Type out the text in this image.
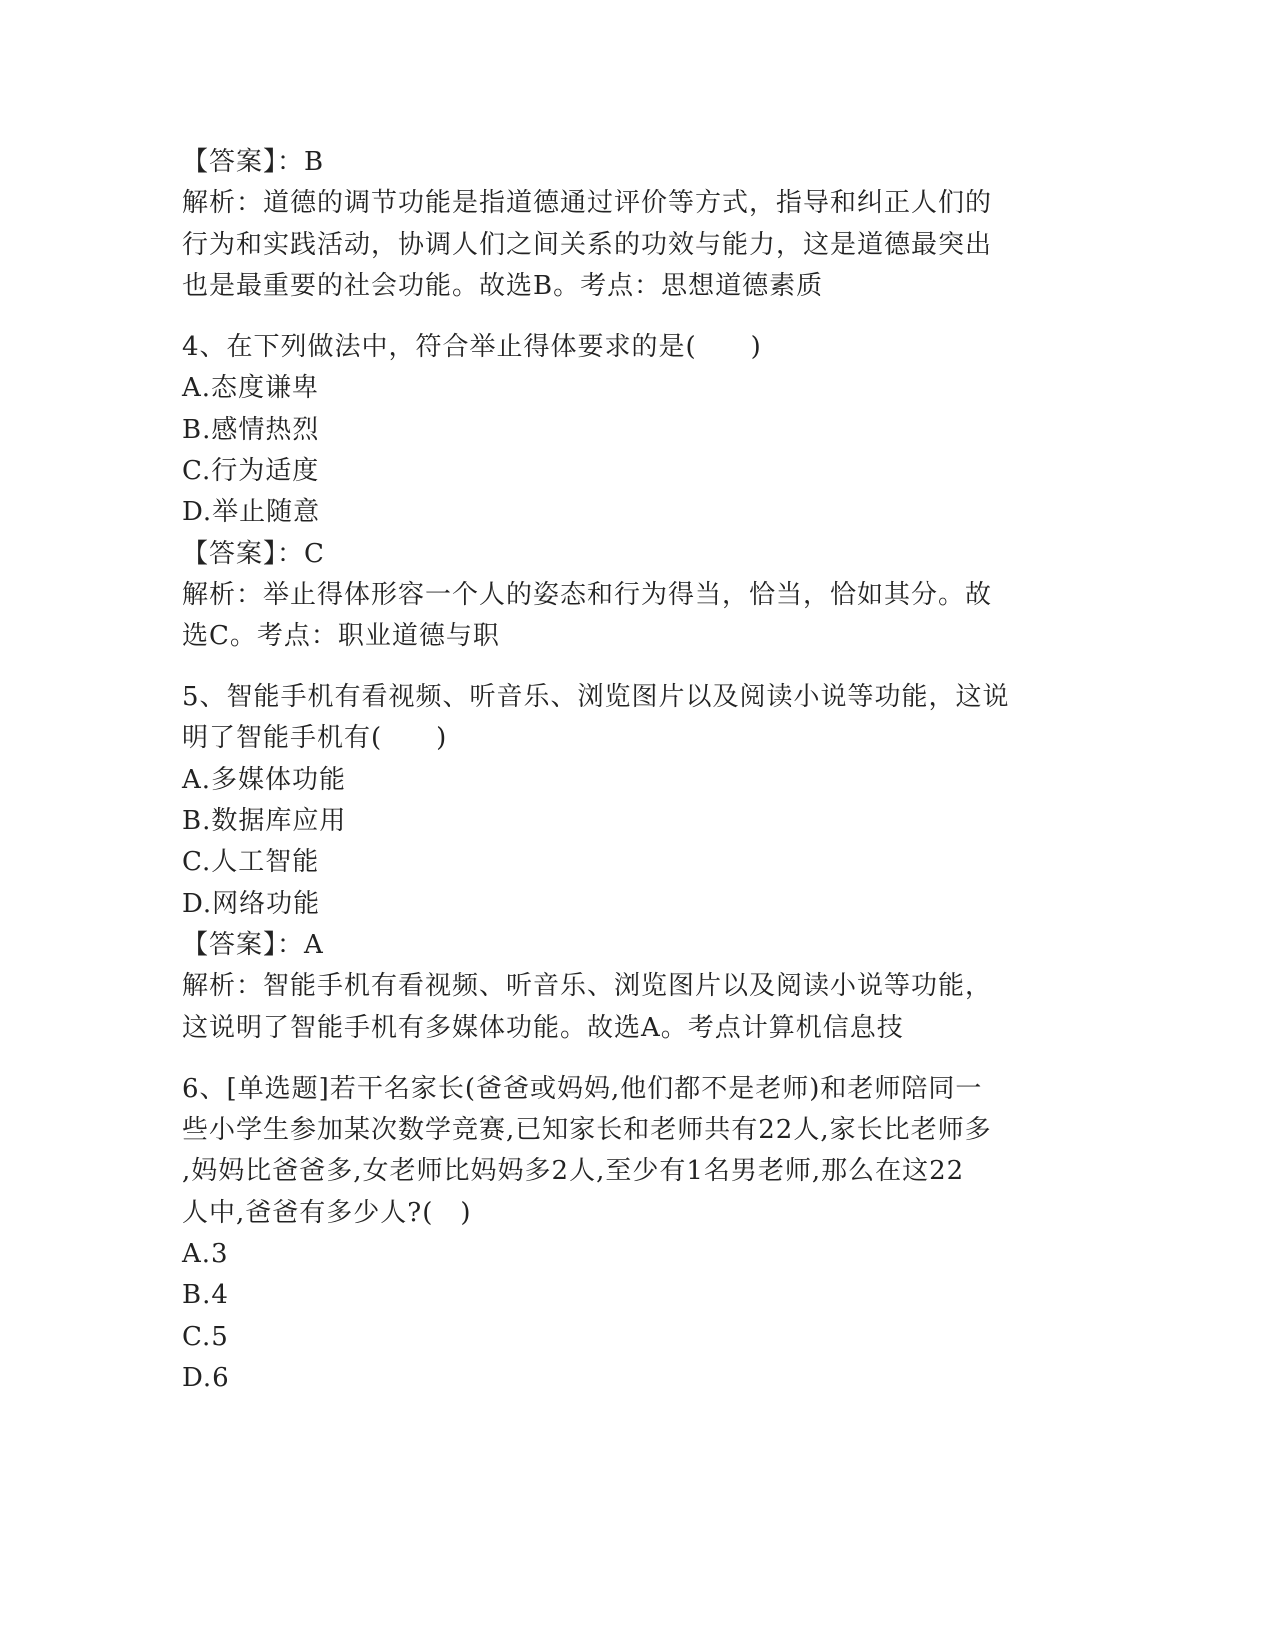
【答案】：B
解析：道德的调节功能是指道德通过评价等方式，指导和纠正人们的
行为和实践活动，协调人们之间关系的功效与能力，这是道德最突出
也是最重要的社会功能。故选B。考点：思想道德素质
4、在下列做法中，符合举止得体要求的是(　　)
A.态度谦卑
B.感情热烈
C.行为适度
D.举止随意
【答案】：C
解析：举止得体形容一个人的姿态和行为得当，恰当，恰如其分。故
选C。考点：职业道德与职
5、智能手机有看视频、听音乐、浏览图片以及阅读小说等功能，这说
明了智能手机有(　　)
A.多媒体功能
B.数据库应用
C.人工智能
D.网络功能
【答案】：A
解析：智能手机有看视频、听音乐、浏览图片以及阅读小说等功能，
这说明了智能手机有多媒体功能。故选A。考点计算机信息技
6、[单选题]若干名家长(爸爸或妈妈,他们都不是老师)和老师陪同一
些小学生参加某次数学竞赛,已知家长和老师共有22人,家长比老师多
,妈妈比爸爸多,女老师比妈妈多2人,至少有1名男老师,那么在这22
人中,爸爸有多少人?(　)
A.3
B.4
C.5
D.6
